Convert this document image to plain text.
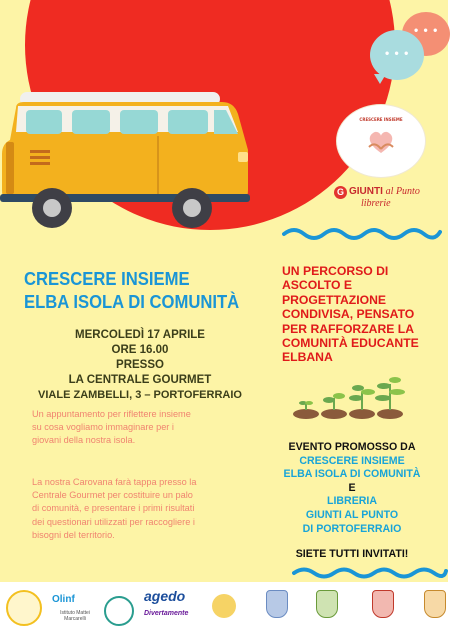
• • •
• • •
CRESCERE INSIEME
G GIUNTI al Punto
librerie
CRESCERE INSIEME
ELBA ISOLA DI COMUNITÀ
MERCOLEDÌ 17 APRILE
ORE 16.00
PRESSO
LA CENTRALE GOURMET
VIALE ZAMBELLI, 3 – PORTOFERRAIO
Un appuntamento per riflettere insieme su cosa vogliamo immaginare per i giovani della nostra isola.
La nostra Carovana farà tappa presso la Centrale Gourmet per costituire un palo di comunità, e presentare i primi risultati dei questionari utilizzati per raccogliere i bisogni del territorio.
UN PERCORSO DI
ASCOLTO E
PROGETTAZIONE
CONDIVISA, PENSATO
PER RAFFORZARE LA
COMUNITÀ EDUCANTE
ELBANA
EVENTO PROMOSSO DA
CRESCERE INSIEME
ELBA ISOLA DI COMUNITÀ
E
LIBRERIA
GIUNTI AL PUNTO
DI PORTOFERRAIO
SIETE TUTTI INVITATI!
Olinf
Istituto Mattei Marcarelli
agedo
Divertamente
